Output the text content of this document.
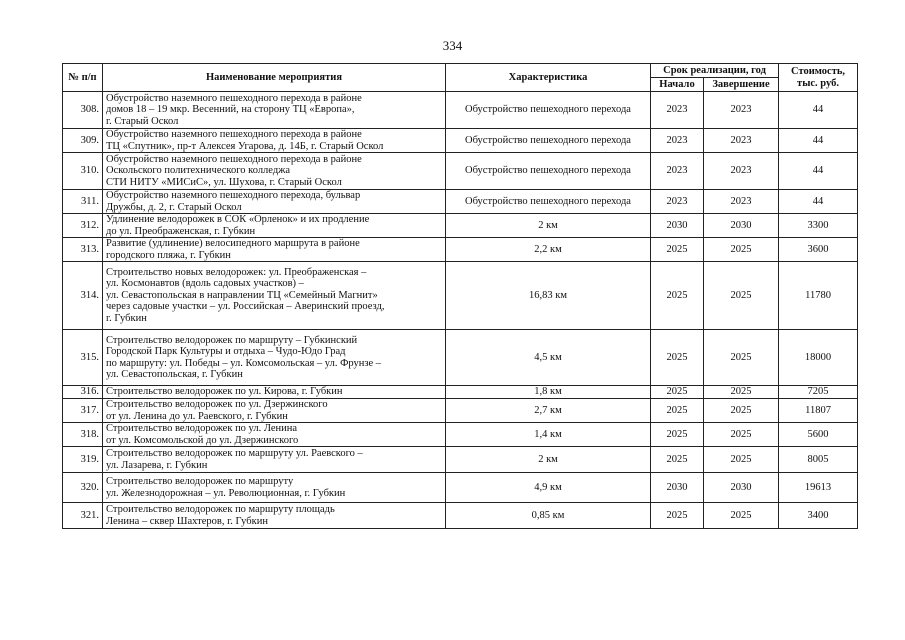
334
№ п/п	Наименование мероприятия	Характеристика	Срок реализации, год		Стоимость, тыс. руб.
			Начало	Завершение	
308.	Обустройство наземного пешеходного перехода в районе
домов 18 – 19 мкр. Весенний, на сторону ТЦ «Европа»,
г. Старый Оскол	Обустройство пешеходного перехода	2023	2023	44
309.	Обустройство наземного пешеходного перехода в районе
ТЦ «Спутник», пр-т Алексея Угарова, д. 14Б, г. Старый Оскол	Обустройство пешеходного перехода	2023	2023	44
310.	Обустройство наземного пешеходного перехода в районе
Оскольского политехнического колледжа
СТИ НИТУ «МИСиС», ул. Шухова, г. Старый Оскол	Обустройство пешеходного перехода	2023	2023	44
311.	Обустройство наземного пешеходного перехода, бульвар
Дружбы, д. 2, г. Старый Оскол	Обустройство пешеходного перехода	2023	2023	44
312.	Удлинение велодорожек в СОК «Орленок» и их продление
до ул. Преображенская, г. Губкин	2 км	2030	2030	3300
313.	Развитие (удлинение) велосипедного маршрута в районе
городского пляжа, г. Губкин	2,2 км	2025	2025	3600
314.	Строительство новых велодорожек: ул. Преображенская –
ул. Космонавтов (вдоль садовых участков) –
ул. Севастопольская в направлении ТЦ «Семейный Магнит»
через садовые участки – ул. Российская – Аверинский проезд,
г. Губкин	16,83 км	2025	2025	11780
315.	Строительство велодорожек по маршруту – Губкинский
Городской Парк Культуры и отдыха – Чудо-Юдо Град
по маршруту: ул. Победы – ул. Комсомольская – ул. Фрунзе –
ул. Севастопольская, г. Губкин	4,5 км	2025	2025	18000
316.	Строительство велодорожек по ул. Кирова, г. Губкин	1,8 км	2025	2025	7205
317.	Строительство велодорожек по ул. Дзержинского
от ул. Ленина до ул. Раевского, г. Губкин	2,7 км	2025	2025	11807
318.	Строительство велодорожек по ул. Ленина
от ул. Комсомольской до ул. Дзержинского	1,4 км	2025	2025	5600
319.	Строительство велодорожек по маршруту ул. Раевского –
ул. Лазарева, г. Губкин	2 км	2025	2025	8005
320.	Строительство велодорожек по маршруту
ул. Железнодорожная – ул. Революционная, г. Губкин	4,9 км	2030	2030	19613
321.	Строительство велодорожек по маршруту площадь
Ленина – сквер Шахтеров, г. Губкин	0,85 км	2025	2025	3400
